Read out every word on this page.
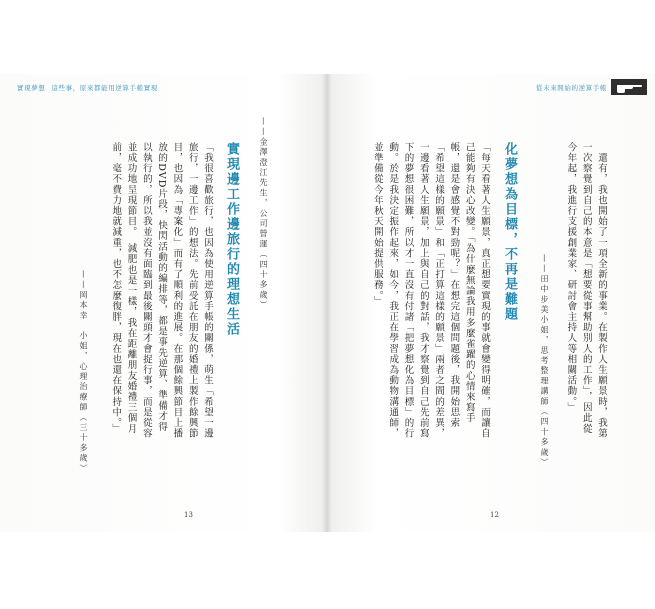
實現夢想 這些事，原來都能用逆算手帳實現
——金澤澄江先生，公司營運（四十多歲）
實現邊工作邊旅行的理想生活
「我很喜歡旅行，也因為使用逆算手帳的關係，萌生「希望一邊旅行，一邊工作」的想法。先前受託在朋友的婚禮上製作餘興節目，也因為「專案化」而有了順利的進展。在那個餘興節目上播放的DVD片段，快閃活動的編排等，都是事先逆算、準備才得以執行的，所以我並沒有面臨到最後關頭才會捉行事，而是從容並成功地呈現節目。　減肥也是一樣，我在距離朋友婚禮三個月前，毫不費力地就減重，也不怎麼復胖，現在也還在保持中。」
——岡本幸　小姐，心理治療師（三十多歲）
13
從未來開始的逆算手帳
　還有，我也開始了一項全新的事業。在製作人生願景時，我第一次察覺到自己的本意是「想要從事幫助別人的工作」，因此從今年起，我進行支援創業家、研討會主持人等相關活動。」
——田中步美小姐，思考整理講師（四十多歲）
化夢想為目標，不再是難題
「每天看著人生願景，真正想要實現的事就會變得明確，而讓自己能夠有決心改變。「為什麼無論我用多麼雀躍的心情來寫手帳，還是會感覺不對勁呢？」在想完這個問題後，我開始思索「希望這樣的願景」和「正打算這樣的願景」兩者之間的差異，一邊看著人生願景，加上與自己的對話，我才察覺到自己先前寫下的夢想很困難，所以才一直沒有付諸「把夢想化為目標」的行動。於是我決定振作起來，如今，我正在學習成為動物溝通師，並準備從今年秋天開始提供服務。」
12
